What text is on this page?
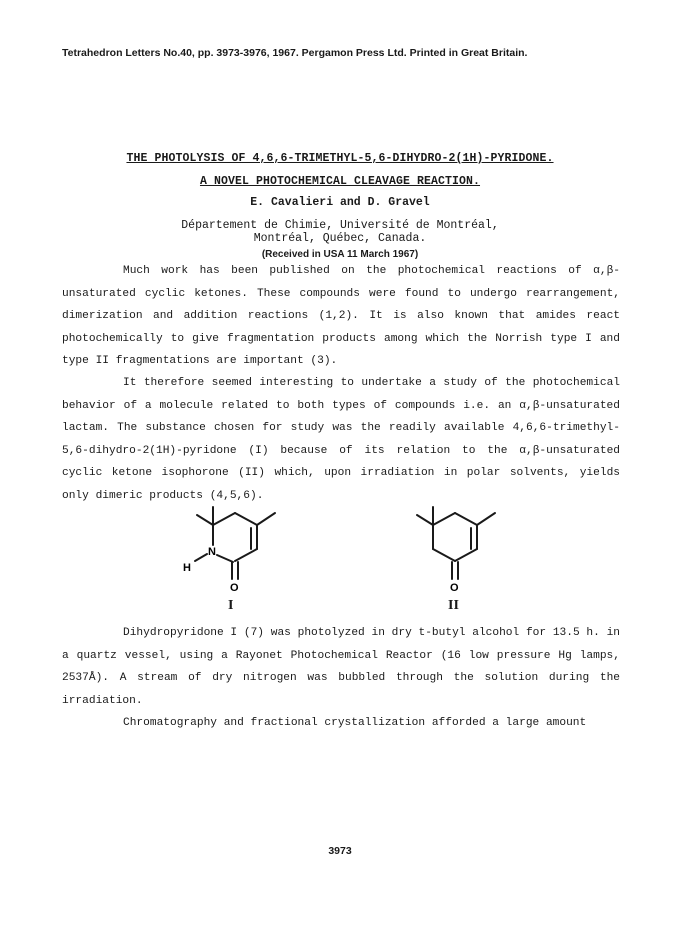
Tetrahedron Letters No.40, pp. 3973-3976, 1967. Pergamon Press Ltd. Printed in Great Britain.
THE PHOTOLYSIS OF 4,6,6-TRIMETHYL-5,6-DIHYDRO-2(1H)-PYRIDONE.
A NOVEL PHOTOCHEMICAL CLEAVAGE REACTION.
E. Cavalieri and D. Gravel
Département de Chimie, Université de Montréal,
Montréal, Québec, Canada.
(Received in USA 11 March 1967)
Much work has been published on the photochemical reactions of α,β-unsaturated cyclic ketones. These compounds were found to undergo rearrangement, dimerization and addition reactions (1,2). It is also known that amides react photochemically to give fragmentation products among which the Norrish type I and type II fragmentations are important (3).
It therefore seemed interesting to undertake a study of the photochemical behavior of a molecule related to both types of compounds i.e. an α,β-unsaturated lactam. The substance chosen for study was the readily available 4,6,6-trimethyl-5,6-dihydro-2(1H)-pyridone (I) because of its relation to the α,β-unsaturated cyclic ketone isophorone (II) which, upon irradiation in polar solvents, yields only dimeric products (4,5,6).
N
H
O
I
O
II
Dihydropyridone I (7) was photolyzed in dry t-butyl alcohol for 13.5 h. in a quartz vessel, using a Rayonet Photochemical Reactor (16 low pressure Hg lamps, 2537Å). A stream of dry nitrogen was bubbled through the solution during the irradiation.
Chromatography and fractional crystallization afforded a large amount
3973
